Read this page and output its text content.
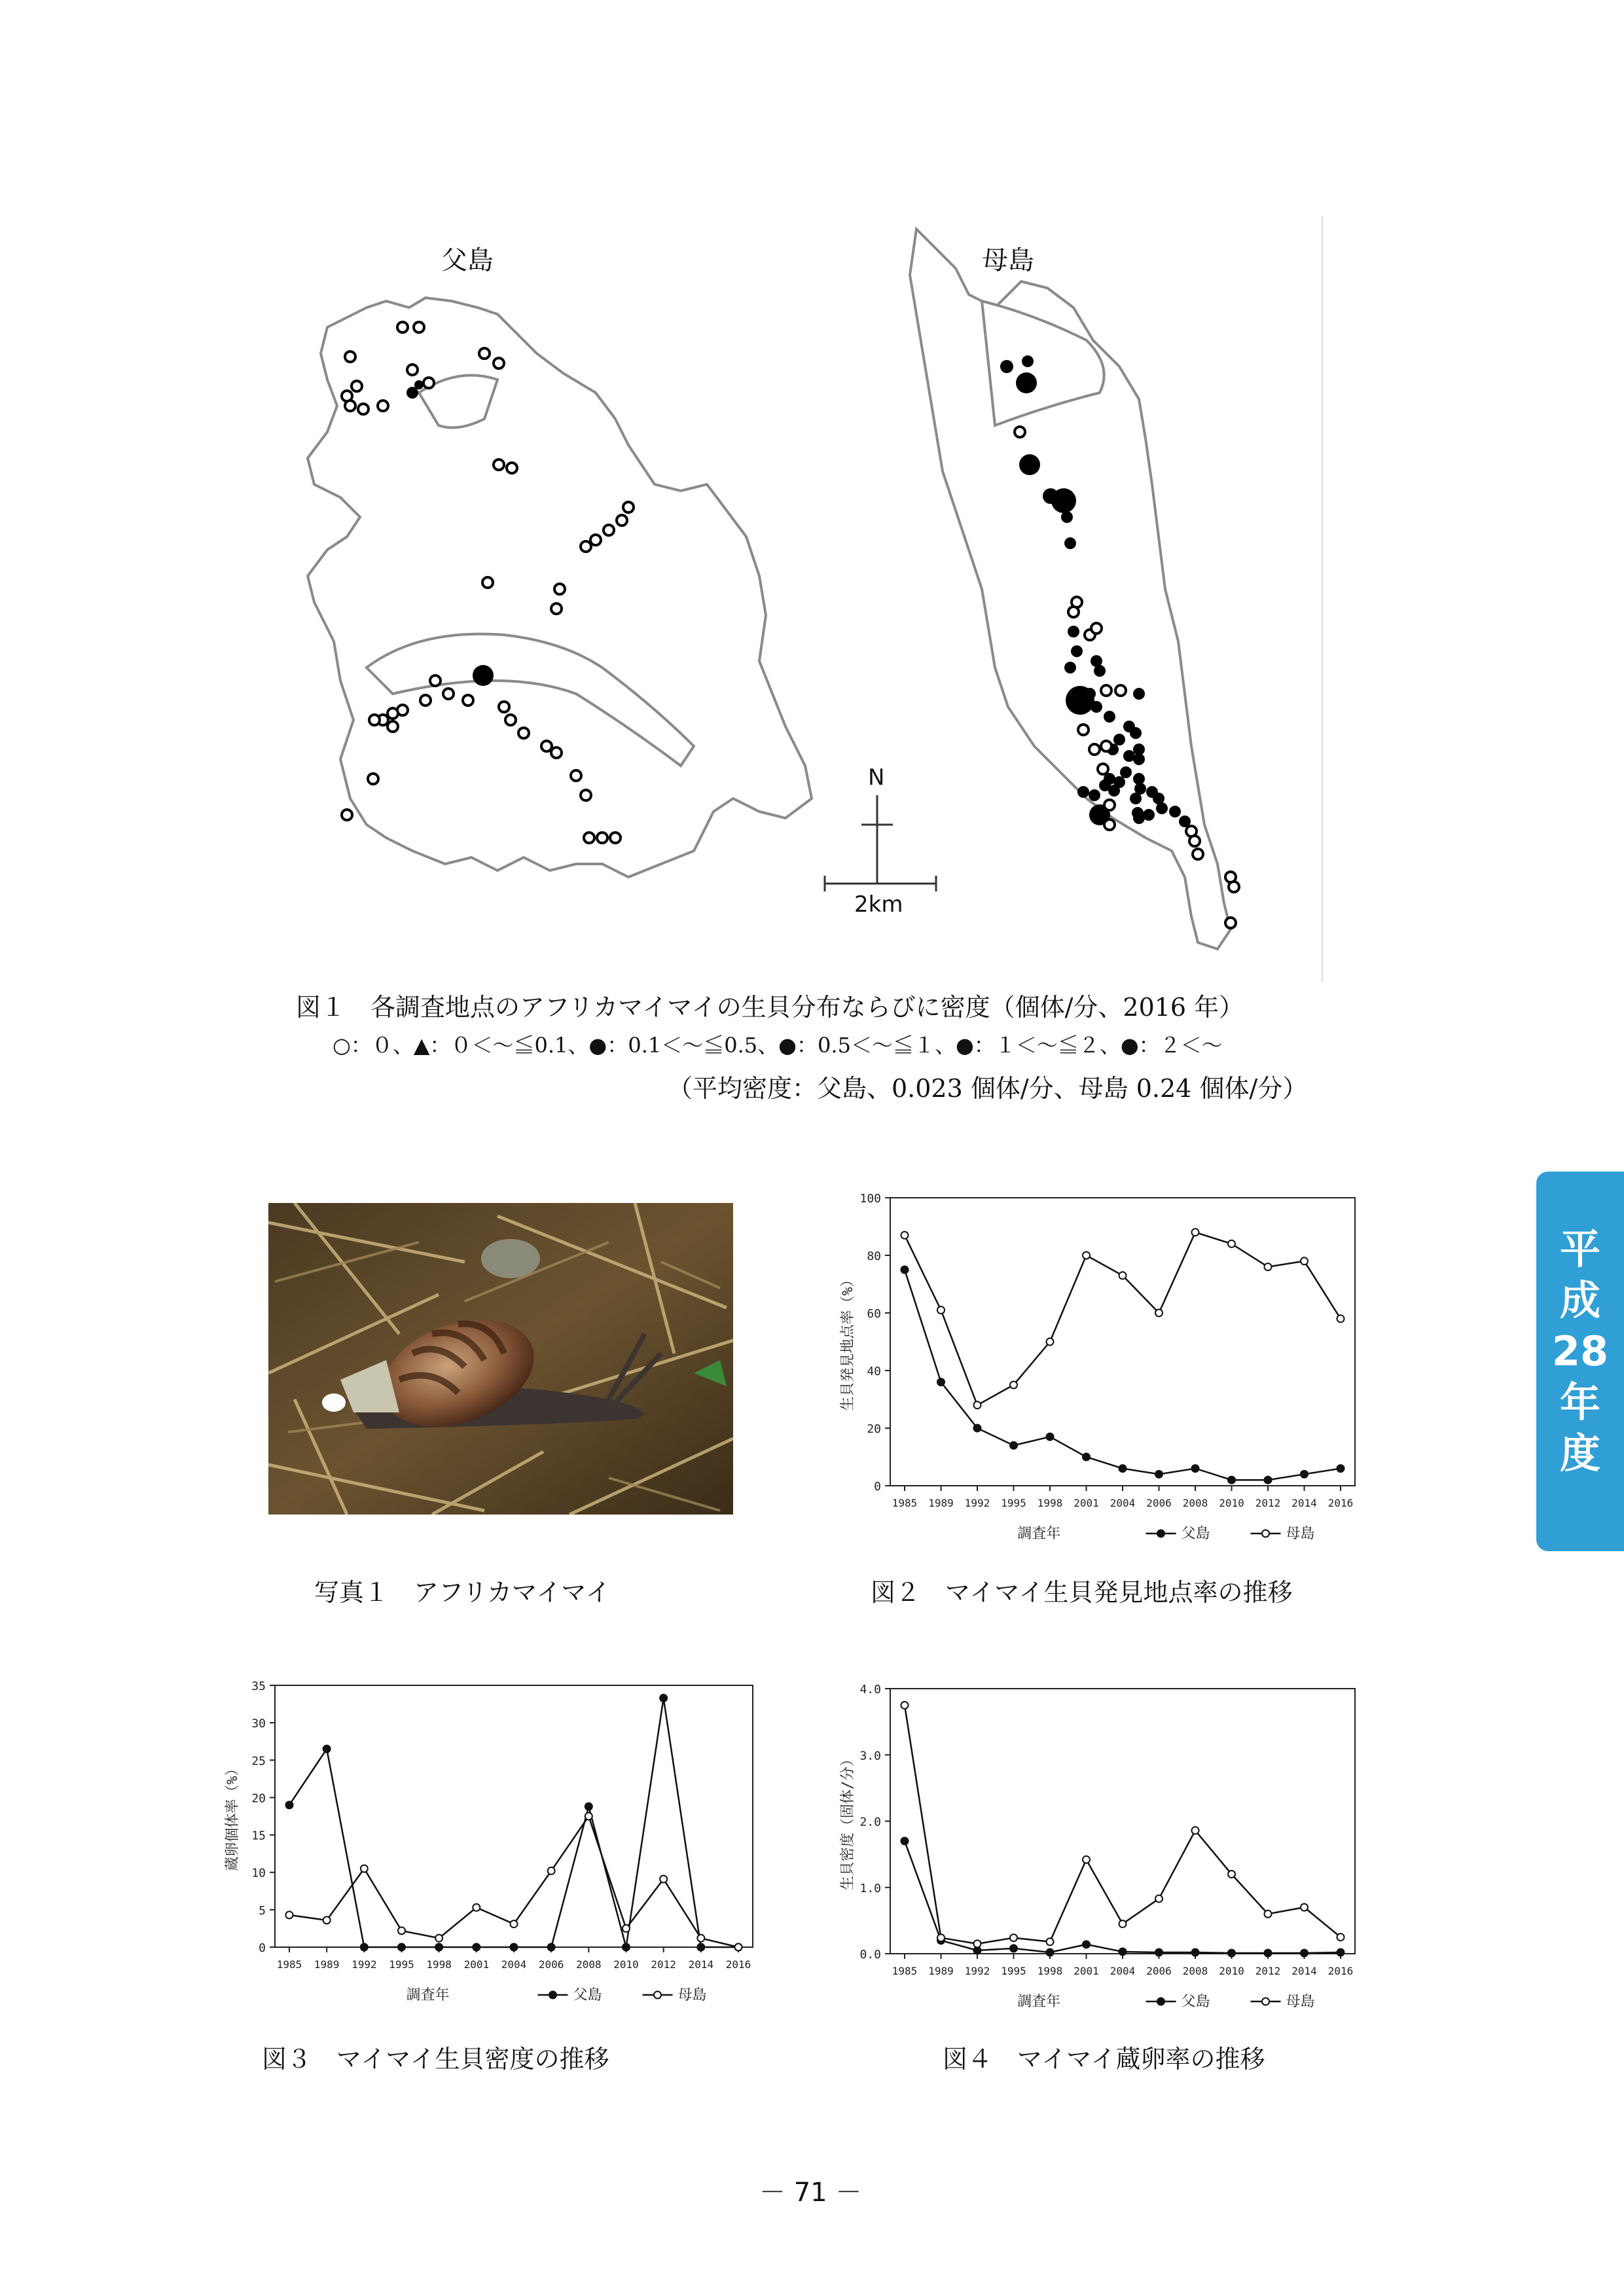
父島	母島
N
2km
図１　各調査地点のアフリカマイマイの生貝分布ならびに密度（個体/分、2016 年）
○：０、▲：０＜～≦0.1、●：0.1＜～≦0.5、●：0.5＜～≦１、●：１＜～≦２、●：２＜～
（平均密度：父島、0.023 個体/分、母島 0.24 個体/分）
写真１　アフリカマイマイ
0
20
40
60
80
100
1985 1989 1992 1995 1998 2001 2004 2006 2008 2010 2012 2014 2016
生貝発見地点率（%）
調査年	父島	母島
図２　マイマイ生貝発見地点率の推移
0
5
10
15
20
25
30
35
1985 1989 1992 1995 1998 2001 2004 2006 2008 2010 2012 2014 2016
蔵卵個体率（%）
調査年	父島	母島
図３　マイマイ生貝密度の推移
0.0
1.0
2.0
3.0
4.0
1985 1989 1992 1995 1998 2001 2004 2006 2008 2010 2012 2014 2016
生貝密度（固体/分）
調査年	父島	母島
図４　マイマイ蔵卵率の推移
平
成
28
年
度
－ 71 －
